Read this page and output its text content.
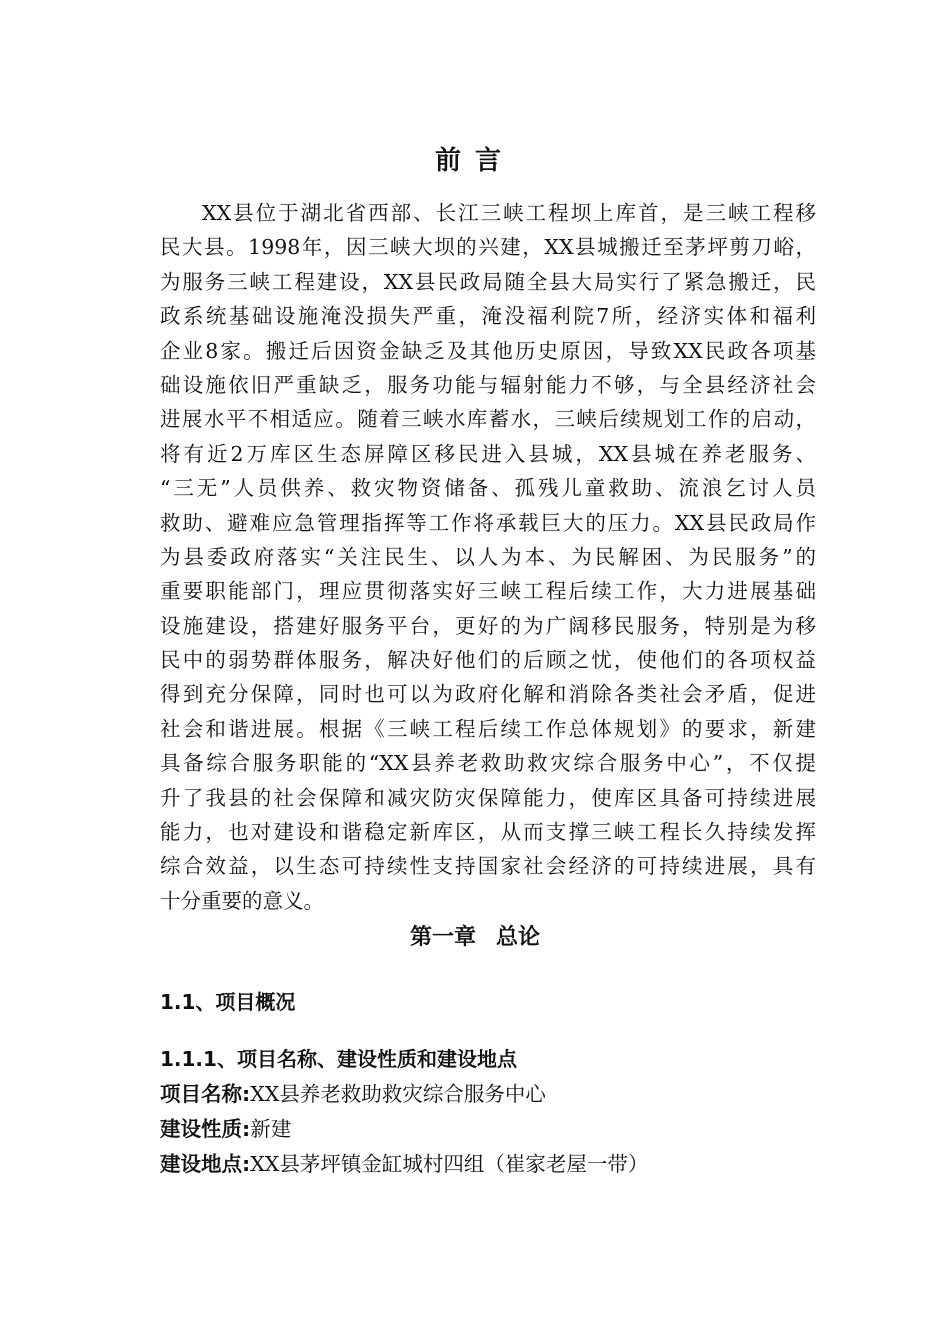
前言
XX县位于湖北省西部、长江三峡工程坝上库首，是三峡工程移
民大县。1998年，因三峡大坝的兴建，XX县城搬迁至茅坪剪刀峪，
为服务三峡工程建设，XX县民政局随全县大局实行了紧急搬迁，民
政系统基础设施淹没损失严重，淹没福利院7所，经济实体和福利
企业8家。搬迁后因资金缺乏及其他历史原因，导致XX民政各项基
础设施依旧严重缺乏，服务功能与辐射能力不够，与全县经济社会
进展水平不相适应。随着三峡水库蓄水，三峡后续规划工作的启动，
将有近2万库区生态屏障区移民进入县城，XX县城在养老服务、
“三无”人员供养、救灾物资储备、孤残儿童救助、流浪乞讨人员
救助、避难应急管理指挥等工作将承载巨大的压力。XX县民政局作
为县委政府落实“关注民生、以人为本、为民解困、为民服务”的
重要职能部门，理应贯彻落实好三峡工程后续工作，大力进展基础
设施建设，搭建好服务平台，更好的为广阔移民服务，特别是为移
民中的弱势群体服务，解决好他们的后顾之忧，使他们的各项权益
得到充分保障，同时也可以为政府化解和消除各类社会矛盾，促进
社会和谐进展。根据《三峡工程后续工作总体规划》的要求，新建
具备综合服务职能的“XX县养老救助救灾综合服务中心”，不仅提
升了我县的社会保障和减灾防灾保障能力，使库区具备可持续进展
能力，也对建设和谐稳定新库区，从而支撑三峡工程长久持续发挥
综合效益，以生态可持续性支持国家社会经济的可持续进展，具有
十分重要的意义。
第一章 总论
1.1、项目概况
1.1.1、项目名称、建设性质和建设地点
项目名称:XX县养老救助救灾综合服务中心
建设性质:新建
建设地点:XX县茅坪镇金缸城村四组（崔家老屋一带）
